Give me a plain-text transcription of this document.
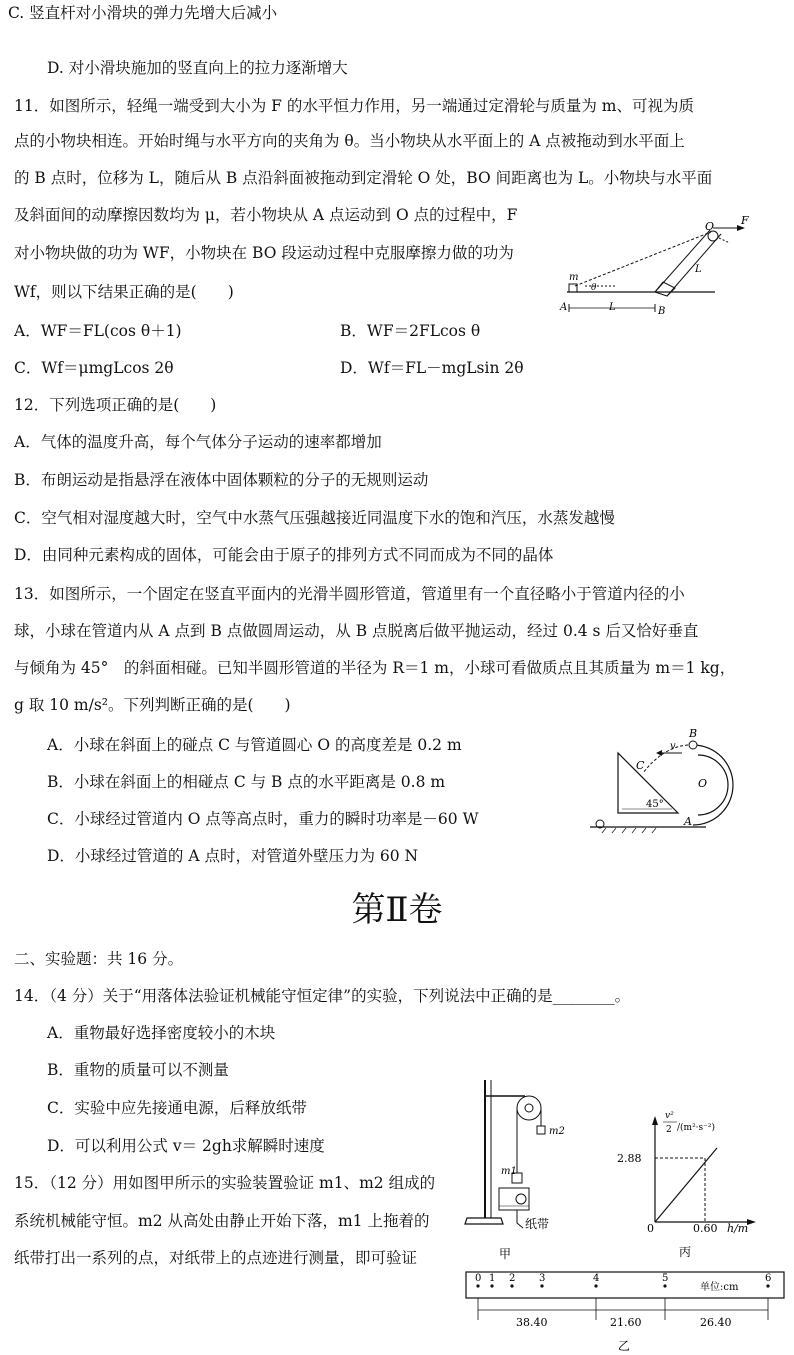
C. 竖直杆对小滑块的弹力先增大后减小
D. 对小滑块施加的竖直向上的拉力逐渐增大
11．如图所示，轻绳一端受到大小为 F 的水平恒力作用，另一端通过定滑轮与质量为 m、可视为质
点的小物块相连。开始时绳与水平方向的夹角为 θ。当小物块从水平面上的 A 点被拖动到水平面上
的 B 点时，位移为 L，随后从 B 点沿斜面被拖动到定滑轮 O 处，BO 间距离也为 L。小物块与水平面
及斜面间的动摩擦因数均为 μ，若小物块从 A 点运动到 O 点的过程中，F
对小物块做的功为 WF，小物块在 BO 段运动过程中克服摩擦力做的功为
Wf，则以下结果正确的是(　　)
A．WF＝FL(cos θ＋1)	B．WF＝2FLcos θ
C．Wf＝μmgLcos 2θ	D．Wf＝FL－mgLsin 2θ
12．下列选项正确的是(　　)
A．气体的温度升高，每个气体分子运动的速率都增加
B．布朗运动是指悬浮在液体中固体颗粒的分子的无规则运动
C．空气相对湿度越大时，空气中水蒸气压强越接近同温度下水的饱和汽压，水蒸发越慢
D．由同种元素构成的固体，可能会由于原子的排列方式不同而成为不同的晶体
13．如图所示，一个固定在竖直平面内的光滑半圆形管道，管道里有一个直径略小于管道内径的小
球，小球在管道内从 A 点到 B 点做圆周运动，从 B 点脱离后做平抛运动，经过 0.4 s 后又恰好垂直
与倾角为 45°　的斜面相碰。已知半圆形管道的半径为 R＝1 m，小球可看做质点且其质量为 m＝1 kg，
g 取 10 m/s²。下列判断正确的是(　　)
A．小球在斜面上的碰点 C 与管道圆心 O 的高度差是 0.2 m
B．小球在斜面上的相碰点 C 与 B 点的水平距离是 0.8 m
C．小球经过管道内 O 点等高点时，重力的瞬时功率是－60 W
D．小球经过管道的 A 点时，对管道外壁压力为 60 N
二、实验题：共 16 分。
14．（4 分）关于“用落体法验证机械能守恒定律”的实验，下列说法中正确的是________。
A．重物最好选择密度较小的木块
B．重物的质量可以不测量
C．实验中应先接通电源，后释放纸带
D．可以利用公式 v＝ 2gh求解瞬时速度
15．（12 分）用如图甲所示的实验装置验证 m1、m2 组成的
系统机械能守恒。m2 从高处由静止开始下落，m1 上拖着的
纸带打出一系列的点，对纸带上的点迹进行测量，即可验证
第Ⅱ卷
O F
m
θ
A	B
L
L
B
v
C
O
45°
A
m2
m1
纸带
甲
v²
2 /(m²·s⁻²)
2.88
0	0.60 h/m
丙
0 1 2 3	4	5	6
单位:cm
38.40	21.60	26.40
乙
